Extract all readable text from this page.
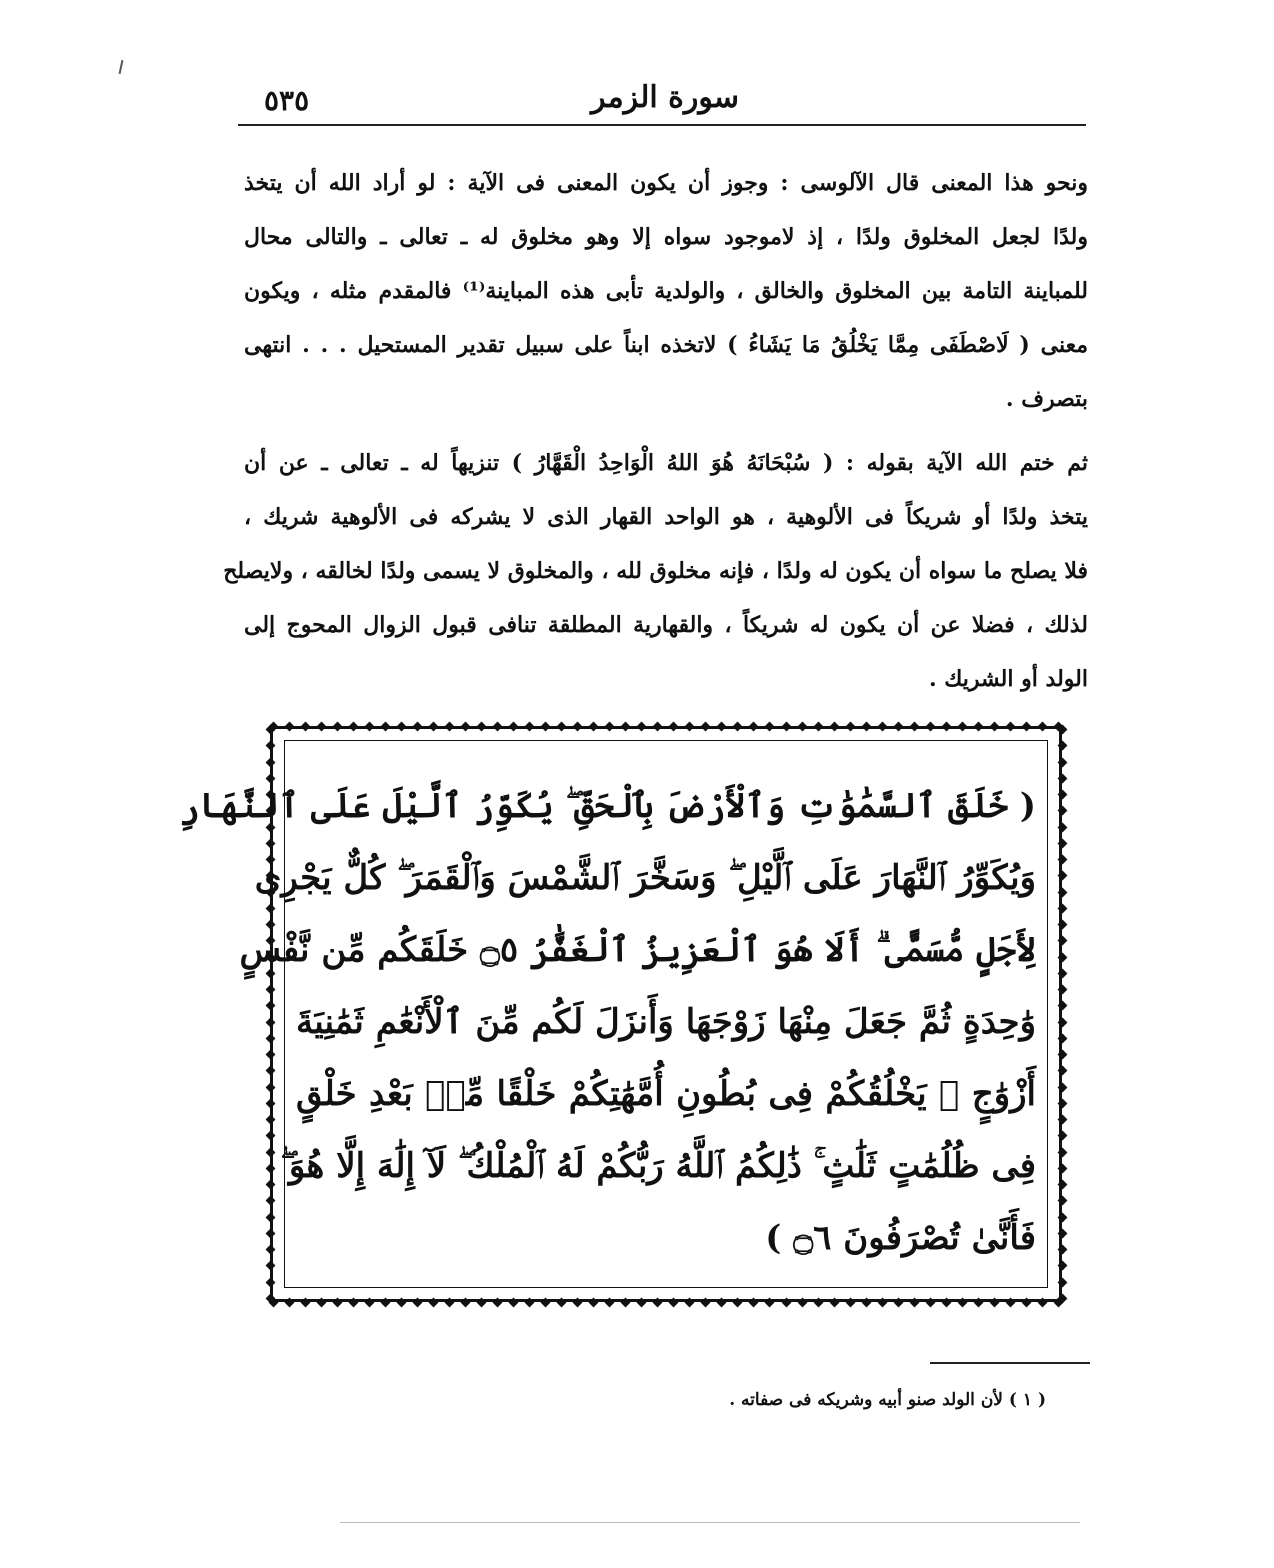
٥٣٥	سورة الزمر
ونحو هذا المعنى قال الآلوسى : وجوز أن يكون المعنى فى الآية : لو أراد الله أن يتخذ
ولدًا لجعل المخلوق ولدًا ، إذ لاموجود سواه إلا وهو مخلوق له ـ تعالى ـ والتالى محال
للمباينة التامة بين المخلوق والخالق ، والولدية تأبى هذه المباينة⁽¹⁾ فالمقدم مثله ، ويكون
معنى ( لَاصْطَفَى مِمَّا يَخْلُقُ مَا يَشَاءُ ) لاتخذه ابناً على سبيل تقدير المستحيل . . . انتهى
بتصرف .
ثم ختم الله الآية بقوله : ( سُبْحَانَهُ هُوَ اللهُ الْوَاحِدُ الْقَهَّارُ ) تنزيهاً له ـ تعالى ـ عن أن
يتخذ ولدًا أو شريكاً فى الألوهية ، هو الواحد القهار الذى لا يشركه فى الألوهية شريك ،
فلا يصلح ما سواه أن يكون له ولدًا ، فإنه مخلوق لله ، والمخلوق لا يسمى ولدًا لخالقه ، ولايصلح
لذلك ، فضلا عن أن يكون له شريكاً ، والقهارية المطلقة تنافى قبول الزوال المحوج إلى
الولد أو الشريك .
( خَلَقَ ٱلسَّمَٰوَٰتِ وَٱلْأَرْضَ بِٱلْحَقِّ ۖ يُكَوِّرُ ٱلَّيْلَ عَلَى ٱلنَّهَارِ
وَيُكَوِّرُ ٱلنَّهَارَ عَلَى ٱلَّيْلِ ۖ وَسَخَّرَ ٱلشَّمْسَ وَٱلْقَمَرَ ۖ كُلٌّ يَجْرِى
لِأَجَلٍ مُّسَمًّى ۗ أَلَا هُوَ ٱلْعَزِيزُ ٱلْغَفَّٰرُ ۝٥ خَلَقَكُم مِّن نَّفْسٍ
وَٰحِدَةٍ ثُمَّ جَعَلَ مِنْهَا زَوْجَهَا وَأَنزَلَ لَكُم مِّنَ ٱلْأَنْعَٰمِ ثَمَٰنِيَةَ
أَزْوَٰجٍ ۚ يَخْلُقُكُمْ فِى بُطُونِ أُمَّهَٰتِكُمْ خَلْقًا مِّنۢ بَعْدِ خَلْقٍ
فِى ظُلُمَٰتٍ ثَلَٰثٍ ۚ ذَٰلِكُمُ ٱللَّهُ رَبُّكُمْ لَهُ ٱلْمُلْكُ ۖ لَآ إِلَٰهَ إِلَّا هُوَ ۖ
فَأَنَّىٰ تُصْرَفُونَ ۝٦ )
( ١ ) لأن الولد صنو أبيه وشريكه فى صفاته .
